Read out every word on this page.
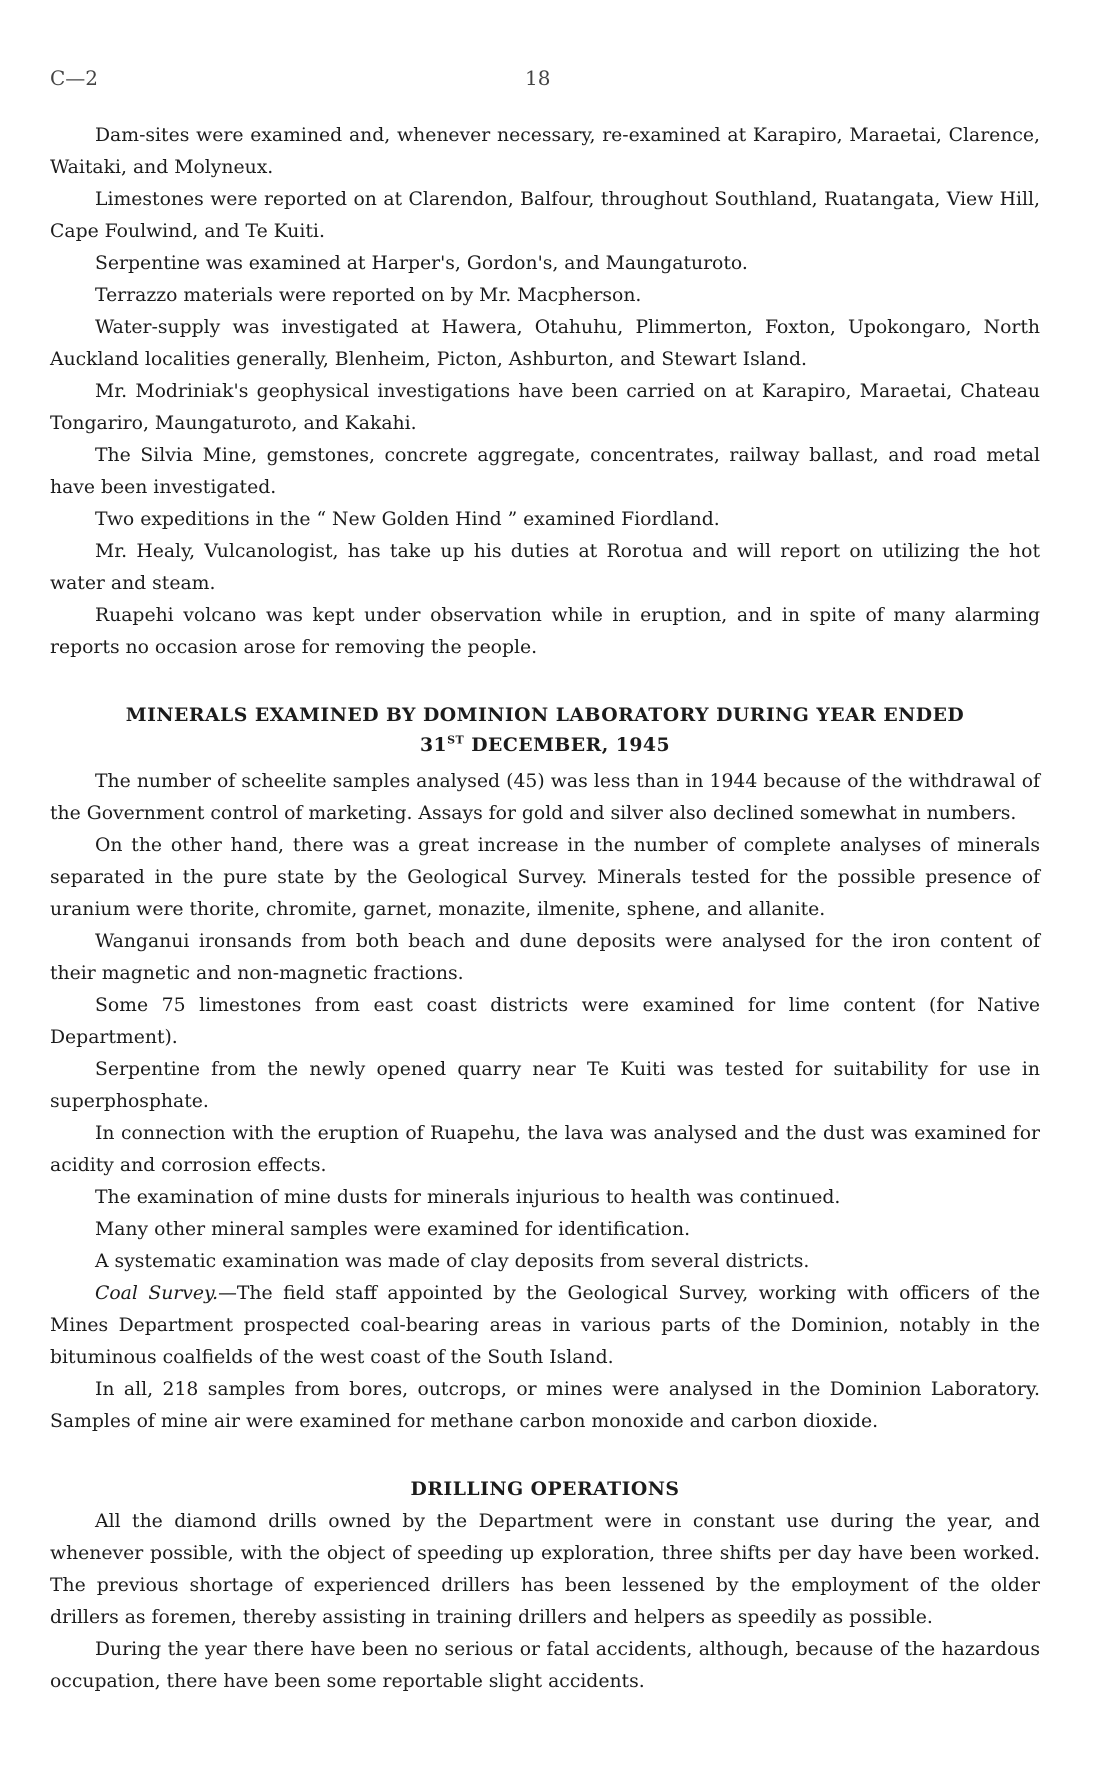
C—2	18

Dam-sites were examined and, whenever necessary, re-examined at Karapiro, Maraetai, Clarence, Waitaki, and Molyneux.

Limestones were reported on at Clarendon, Balfour, throughout Southland, Ruatangata, View Hill, Cape Foulwind, and Te Kuiti.

Serpentine was examined at Harper's, Gordon's, and Maungaturoto.

Terrazzo materials were reported on by Mr. Macpherson.

Water-supply was investigated at Hawera, Otahuhu, Plimmerton, Foxton, Upokongaro, North Auckland localities generally, Blenheim, Picton, Ashburton, and Stewart Island.

Mr. Modriniak's geophysical investigations have been carried on at Karapiro, Maraetai, Chateau Tongariro, Maungaturoto, and Kakahi.

The Silvia Mine, gemstones, concrete aggregate, concentrates, railway ballast, and road metal have been investigated.

Two expeditions in the “ New Golden Hind ” examined Fiordland.

Mr. Healy, Vulcanologist, has take up his duties at Rorotua and will report on utilizing the hot water and steam.

Ruapehi volcano was kept under observation while in eruption, and in spite of many alarming reports no occasion arose for removing the people.

MINERALS EXAMINED BY DOMINION LABORATORY DURING YEAR ENDED
31ST DECEMBER, 1945

The number of scheelite samples analysed (45) was less than in 1944 because of the withdrawal of the Government control of marketing. Assays for gold and silver also declined somewhat in numbers.

On the other hand, there was a great increase in the number of complete analyses of minerals separated in the pure state by the Geological Survey. Minerals tested for the possible presence of uranium were thorite, chromite, garnet, monazite, ilmenite, sphene, and allanite.

Wanganui ironsands from both beach and dune deposits were analysed for the iron content of their magnetic and non-magnetic fractions.

Some 75 limestones from east coast districts were examined for lime content (for Native Department).

Serpentine from the newly opened quarry near Te Kuiti was tested for suitability for use in superphosphate.

In connection with the eruption of Ruapehu, the lava was analysed and the dust was examined for acidity and corrosion effects.

The examination of mine dusts for minerals injurious to health was continued.

Many other mineral samples were examined for identification.

A systematic examination was made of clay deposits from several districts.

Coal Survey.—The field staff appointed by the Geological Survey, working with officers of the Mines Department prospected coal-bearing areas in various parts of the Dominion, notably in the bituminous coalfields of the west coast of the South Island.

In all, 218 samples from bores, outcrops, or mines were analysed in the Dominion Laboratory. Samples of mine air were examined for methane carbon monoxide and carbon dioxide.

DRILLING OPERATIONS

All the diamond drills owned by the Department were in constant use during the year, and whenever possible, with the object of speeding up exploration, three shifts per day have been worked. The previous shortage of experienced drillers has been lessened by the employment of the older drillers as foremen, thereby assisting in training drillers and helpers as speedily as possible.

During the year there have been no serious or fatal accidents, although, because of the hazardous occupation, there have been some reportable slight accidents.
